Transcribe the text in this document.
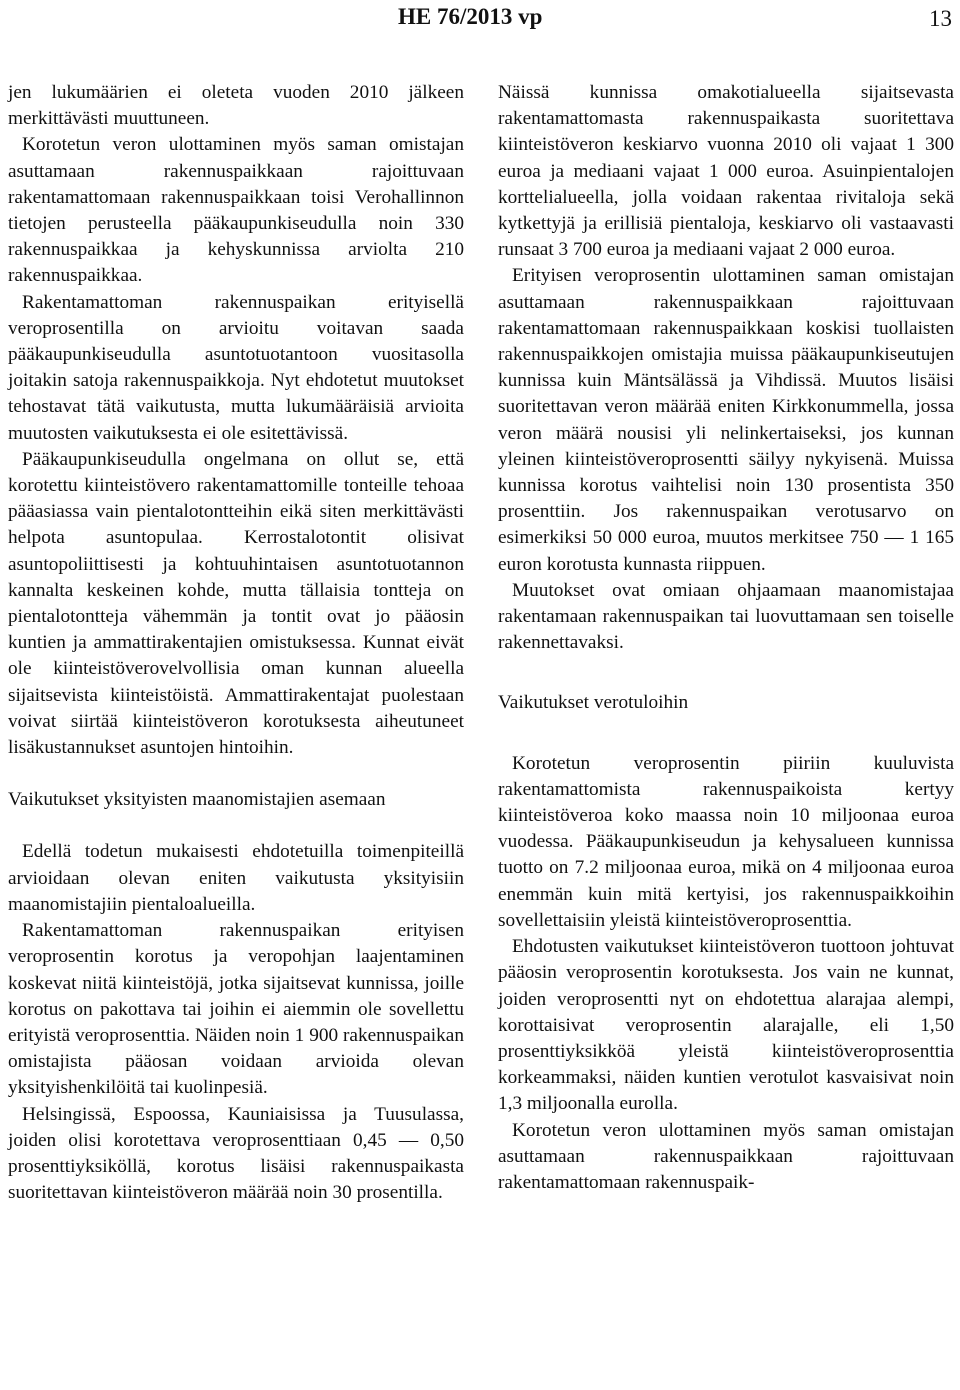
HE 76/2013 vp	13

jen lukumäärien ei oleteta vuoden 2010 jälkeen merkittävästi muuttuneen.

Korotetun veron ulottaminen myös saman omistajan asuttamaan rakennuspaikkaan rajoittuvaan rakentamattomaan rakennuspaikkaan toisi Verohallinnon tietojen perusteella pääkaupunkiseudulla noin 330 rakennuspaikkaa ja kehyskunnissa arviolta 210 rakennuspaikkaa.

Rakentamattoman rakennuspaikan erityisellä veroprosentilla on arvioitu voitavan saada pääkaupunkiseudulla asuntotuotantoon vuositasolla joitakin satoja rakennuspaikkoja. Nyt ehdotetut muutokset tehostavat tätä vaikutusta, mutta lukumääräisiä arvioita muutosten vaikutuksesta ei ole esitettävissä.

Pääkaupunkiseudulla ongelmana on ollut se, että korotettu kiinteistövero rakentamattomille tonteille tehoaa pääasiassa vain pientalotontteihin eikä siten merkittävästi helpota asuntopulaa. Kerrostalotontit olisivat asuntopoliittisesti ja kohtuuhintaisen asuntotuotannon kannalta keskeinen kohde, mutta tällaisia tontteja on pientalotontteja vähemmän ja tontit ovat jo pääosin kuntien ja ammattirakentajien omistuksessa. Kunnat eivät ole kiinteistöverovelvollisia oman kunnan alueella sijaitsevista kiinteistöistä. Ammattirakentajat puolestaan voivat siirtää kiinteistöveron korotuksesta aiheutuneet lisäkustannukset asuntojen hintoihin.

Vaikutukset yksityisten maanomistajien asemaan

Edellä todetun mukaisesti ehdotetuilla toimenpiteillä arvioidaan olevan eniten vaikutusta yksityisiin maanomistajiin pientaloalueilla.

Rakentamattoman rakennuspaikan erityisen veroprosentin korotus ja veropohjan laajentaminen koskevat niitä kiinteistöjä, jotka sijaitsevat kunnissa, joille korotus on pakottava tai joihin ei aiemmin ole sovellettu erityistä veroprosenttia. Näiden noin 1 900 rakennuspaikan omistajista pääosan voidaan arvioida olevan yksityishenkilöitä tai kuolinpesiä.

Helsingissä, Espoossa, Kauniaisissa ja Tuusulassa, joiden olisi korotettava veroprosenttiaan 0,45 — 0,50 prosenttiyksiköllä, korotus lisäisi rakennuspaikasta suoritettavan kiinteistöveron määrää noin 30 prosentilla.

Näissä kunnissa omakotialueella sijaitsevasta rakentamattomasta rakennuspaikasta suoritettava kiinteistöveron keskiarvo vuonna 2010 oli vajaat 1 300 euroa ja mediaani vajaat 1 000 euroa. Asuinpientalojen korttelialueella, jolla voidaan rakentaa rivitaloja sekä kytkettyjä ja erillisiä pientaloja, keskiarvo oli vastaavasti runsaat 3 700 euroa ja mediaani vajaat 2 000 euroa.

Erityisen veroprosentin ulottaminen saman omistajan asuttamaan rakennuspaikkaan rajoittuvaan rakentamattomaan rakennuspaikkaan koskisi tuollaisten rakennuspaikkojen omistajia muissa pääkaupunkiseutujen kunnissa kuin Mäntsälässä ja Vihdissä. Muutos lisäisi suoritettavan veron määrää eniten Kirkkonummella, jossa veron määrä nousisi yli nelinkertaiseksi, jos kunnan yleinen kiinteistöveroprosentti säilyy nykyisenä. Muissa kunnissa korotus vaihtelisi noin 130 prosentista 350 prosenttiin. Jos rakennuspaikan verotusarvo on esimerkiksi 50 000 euroa, muutos merkitsee 750 — 1 165 euron korotusta kunnasta riippuen.

Muutokset ovat omiaan ohjaamaan maanomistajaa rakentamaan rakennuspaikan tai luovuttamaan sen toiselle rakennettavaksi.

Vaikutukset verotuloihin

Korotetun veroprosentin piiriin kuuluvista rakentamattomista rakennuspaikoista kertyy kiinteistöveroa koko maassa noin 10 miljoonaa euroa vuodessa. Pääkaupunkiseudun ja kehysalueen kunnissa tuotto on 7.2 miljoonaa euroa, mikä on 4 miljoonaa euroa enemmän kuin mitä kertyisi, jos rakennuspaikkoihin sovellettaisiin yleistä kiinteistöveroprosenttia.

Ehdotusten vaikutukset kiinteistöveron tuottoon johtuvat pääosin veroprosentin korotuksesta. Jos vain ne kunnat, joiden veroprosentti nyt on ehdotettua alarajaa alempi, korottaisivat veroprosentin alarajalle, eli 1,50 prosenttiyksikköä yleistä kiinteistöveroprosenttia korkeammaksi, näiden kuntien verotulot kasvaisivat noin 1,3 miljoonalla eurolla.

Korotetun veron ulottaminen myös saman omistajan asuttamaan rakennuspaikkaan rajoittuvaan rakentamattomaan rakennuspaik-
